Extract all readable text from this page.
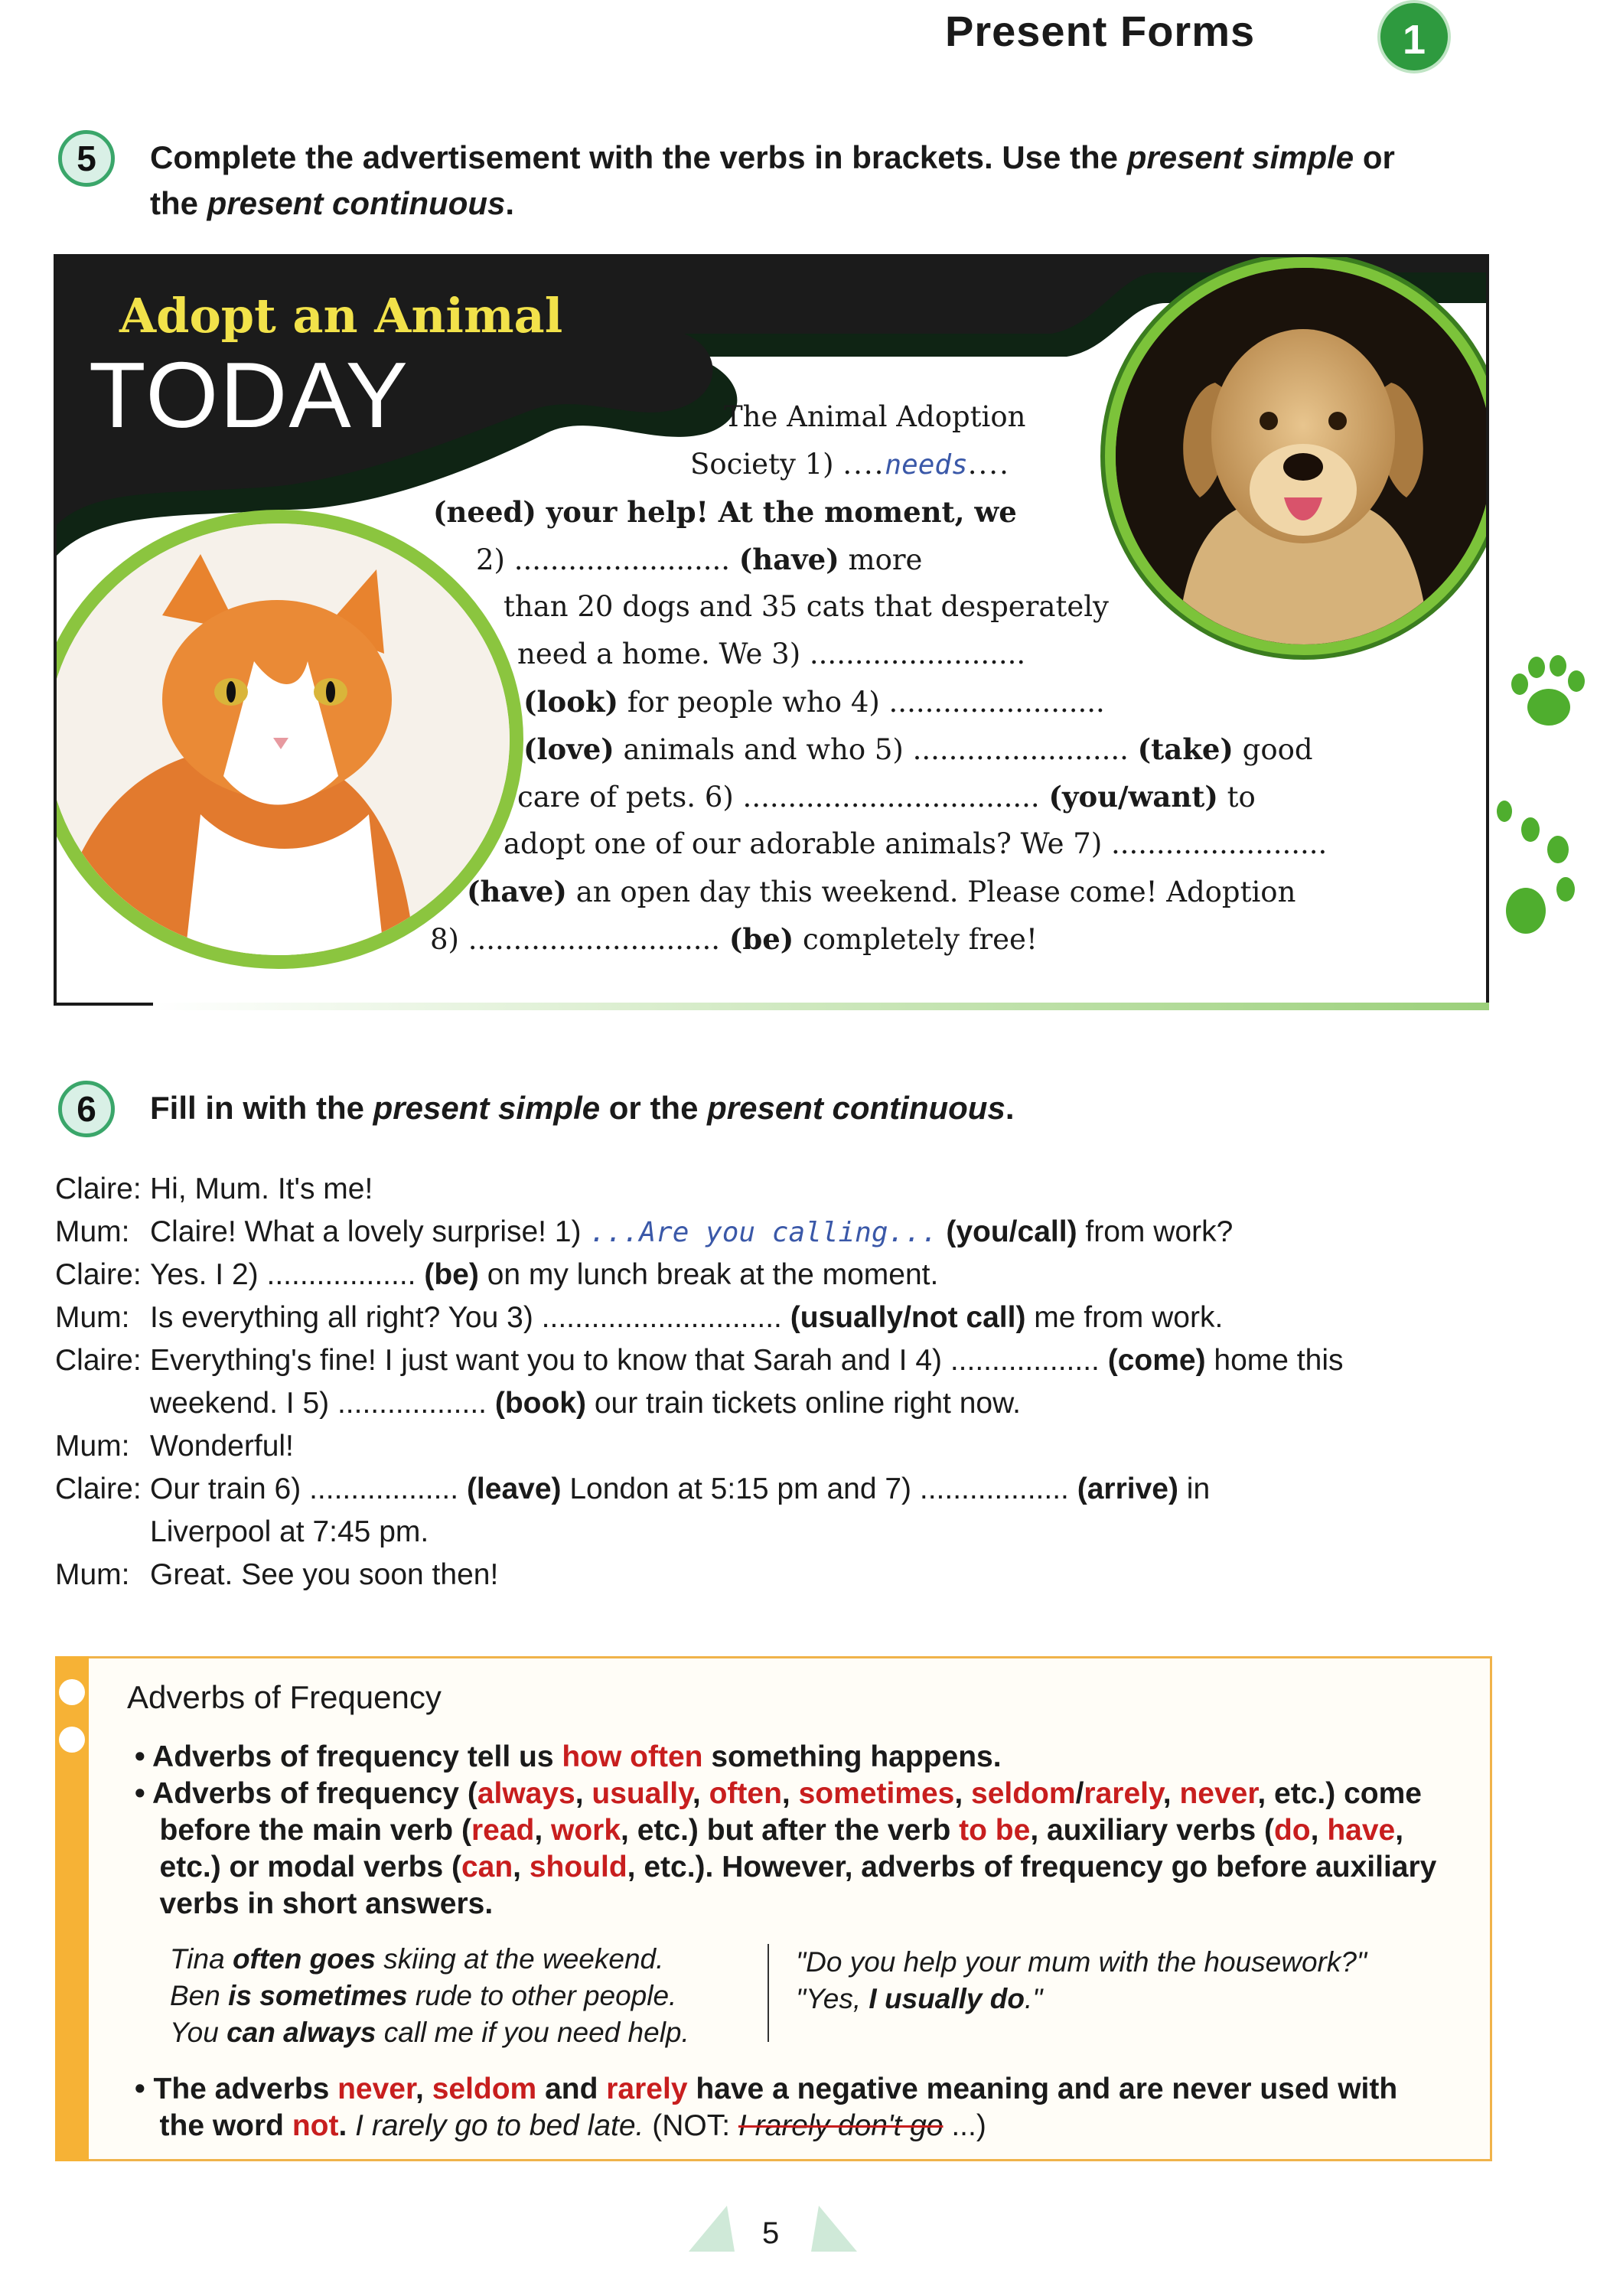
Present Forms	1
5	Complete the advertisement with the verbs in brackets. Use the present simple or
the present continuous.
Adopt an Animal
TODAY	The Animal Adoption
Society 1) ....needs....
(need) your help! At the moment, we
2) ........................ (have) more
than 20 dogs and 35 cats that desperately
need a home. We 3) ........................
(look) for people who 4) ........................
(love) animals and who 5) ........................ (take) good
care of pets. 6) ................................. (you/want) to
adopt one of our adorable animals? We 7) ........................
(have) an open day this weekend. Please come! Adoption
8) ............................ (be) completely free!
6	Fill in with the present simple or the present continuous.
Claire: Hi, Mum. It's me!
Mum: Claire! What a lovely surprise! 1) ...Are you calling... (you/call) from work?
Claire: Yes. I 2) .................. (be) on my lunch break at the moment.
Mum: Is everything all right? You 3) ............................. (usually/not call) me from work.
Claire: Everything's fine! I just want you to know that Sarah and I 4) .................. (come) home this
weekend. I 5) .................. (book) our train tickets online right now.
Mum: Wonderful!
Claire: Our train 6) .................. (leave) London at 5:15 pm and 7) .................. (arrive) in
Liverpool at 7:45 pm.
Mum: Great. See you soon then!
Adverbs of Frequency
• Adverbs of frequency tell us how often something happens.
• Adverbs of frequency (always, usually, often, sometimes, seldom/rarely, never, etc.) come
before the main verb (read, work, etc.) but after the verb to be, auxiliary verbs (do, have,
etc.) or modal verbs (can, should, etc.). However, adverbs of frequency go before auxiliary
verbs in short answers.
Tina often goes skiing at the weekend.
Ben is sometimes rude to other people.
You can always call me if you need help.
"Do you help your mum with the housework?"
"Yes, I usually do."
• The adverbs never, seldom and rarely have a negative meaning and are never used with
the word not. I rarely go to bed late. (NOT: I rarely don't go ...)
5
